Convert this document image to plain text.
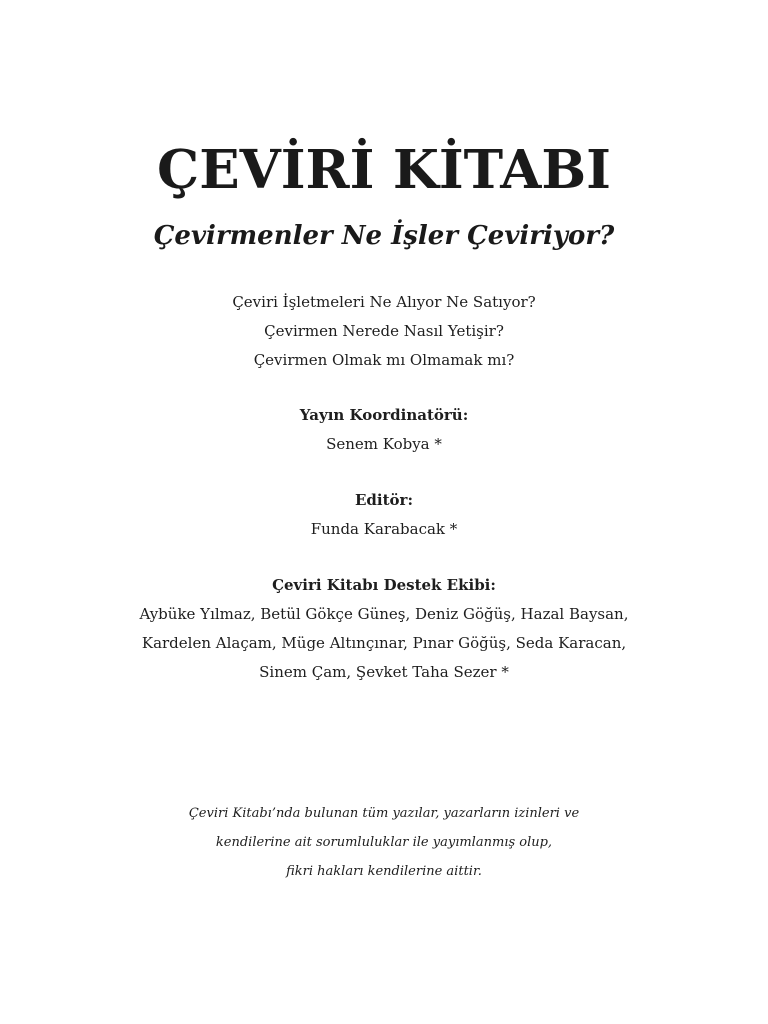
ÇEVİRİ KİTABI
Çevirmenler Ne İşler Çeviriyor?
Çeviri İşletmeleri Ne Alıyor Ne Satıyor?
Çevirmen Nerede Nasıl Yetişir?
Çevirmen Olmak mı Olmamak mı?
Yayın Koordinatörü:
Senem Kobya *
Editör:
Funda Karabacak *
Çeviri Kitabı Destek Ekibi:
Aybüke Yılmaz, Betül Gökçe Güneş, Deniz Göğüş, Hazal Baysan,
Kardelen Alaçam, Müge Altınçınar, Pınar Göğüş, Seda Karacan,
Sinem Çam, Şevket Taha Sezer *
Çeviri Kitabı’nda bulunan tüm yazılar, yazarların izinleri ve
kendilerine ait sorumluluklar ile yayımlanmış olup,
fikri hakları kendilerine aittir.
